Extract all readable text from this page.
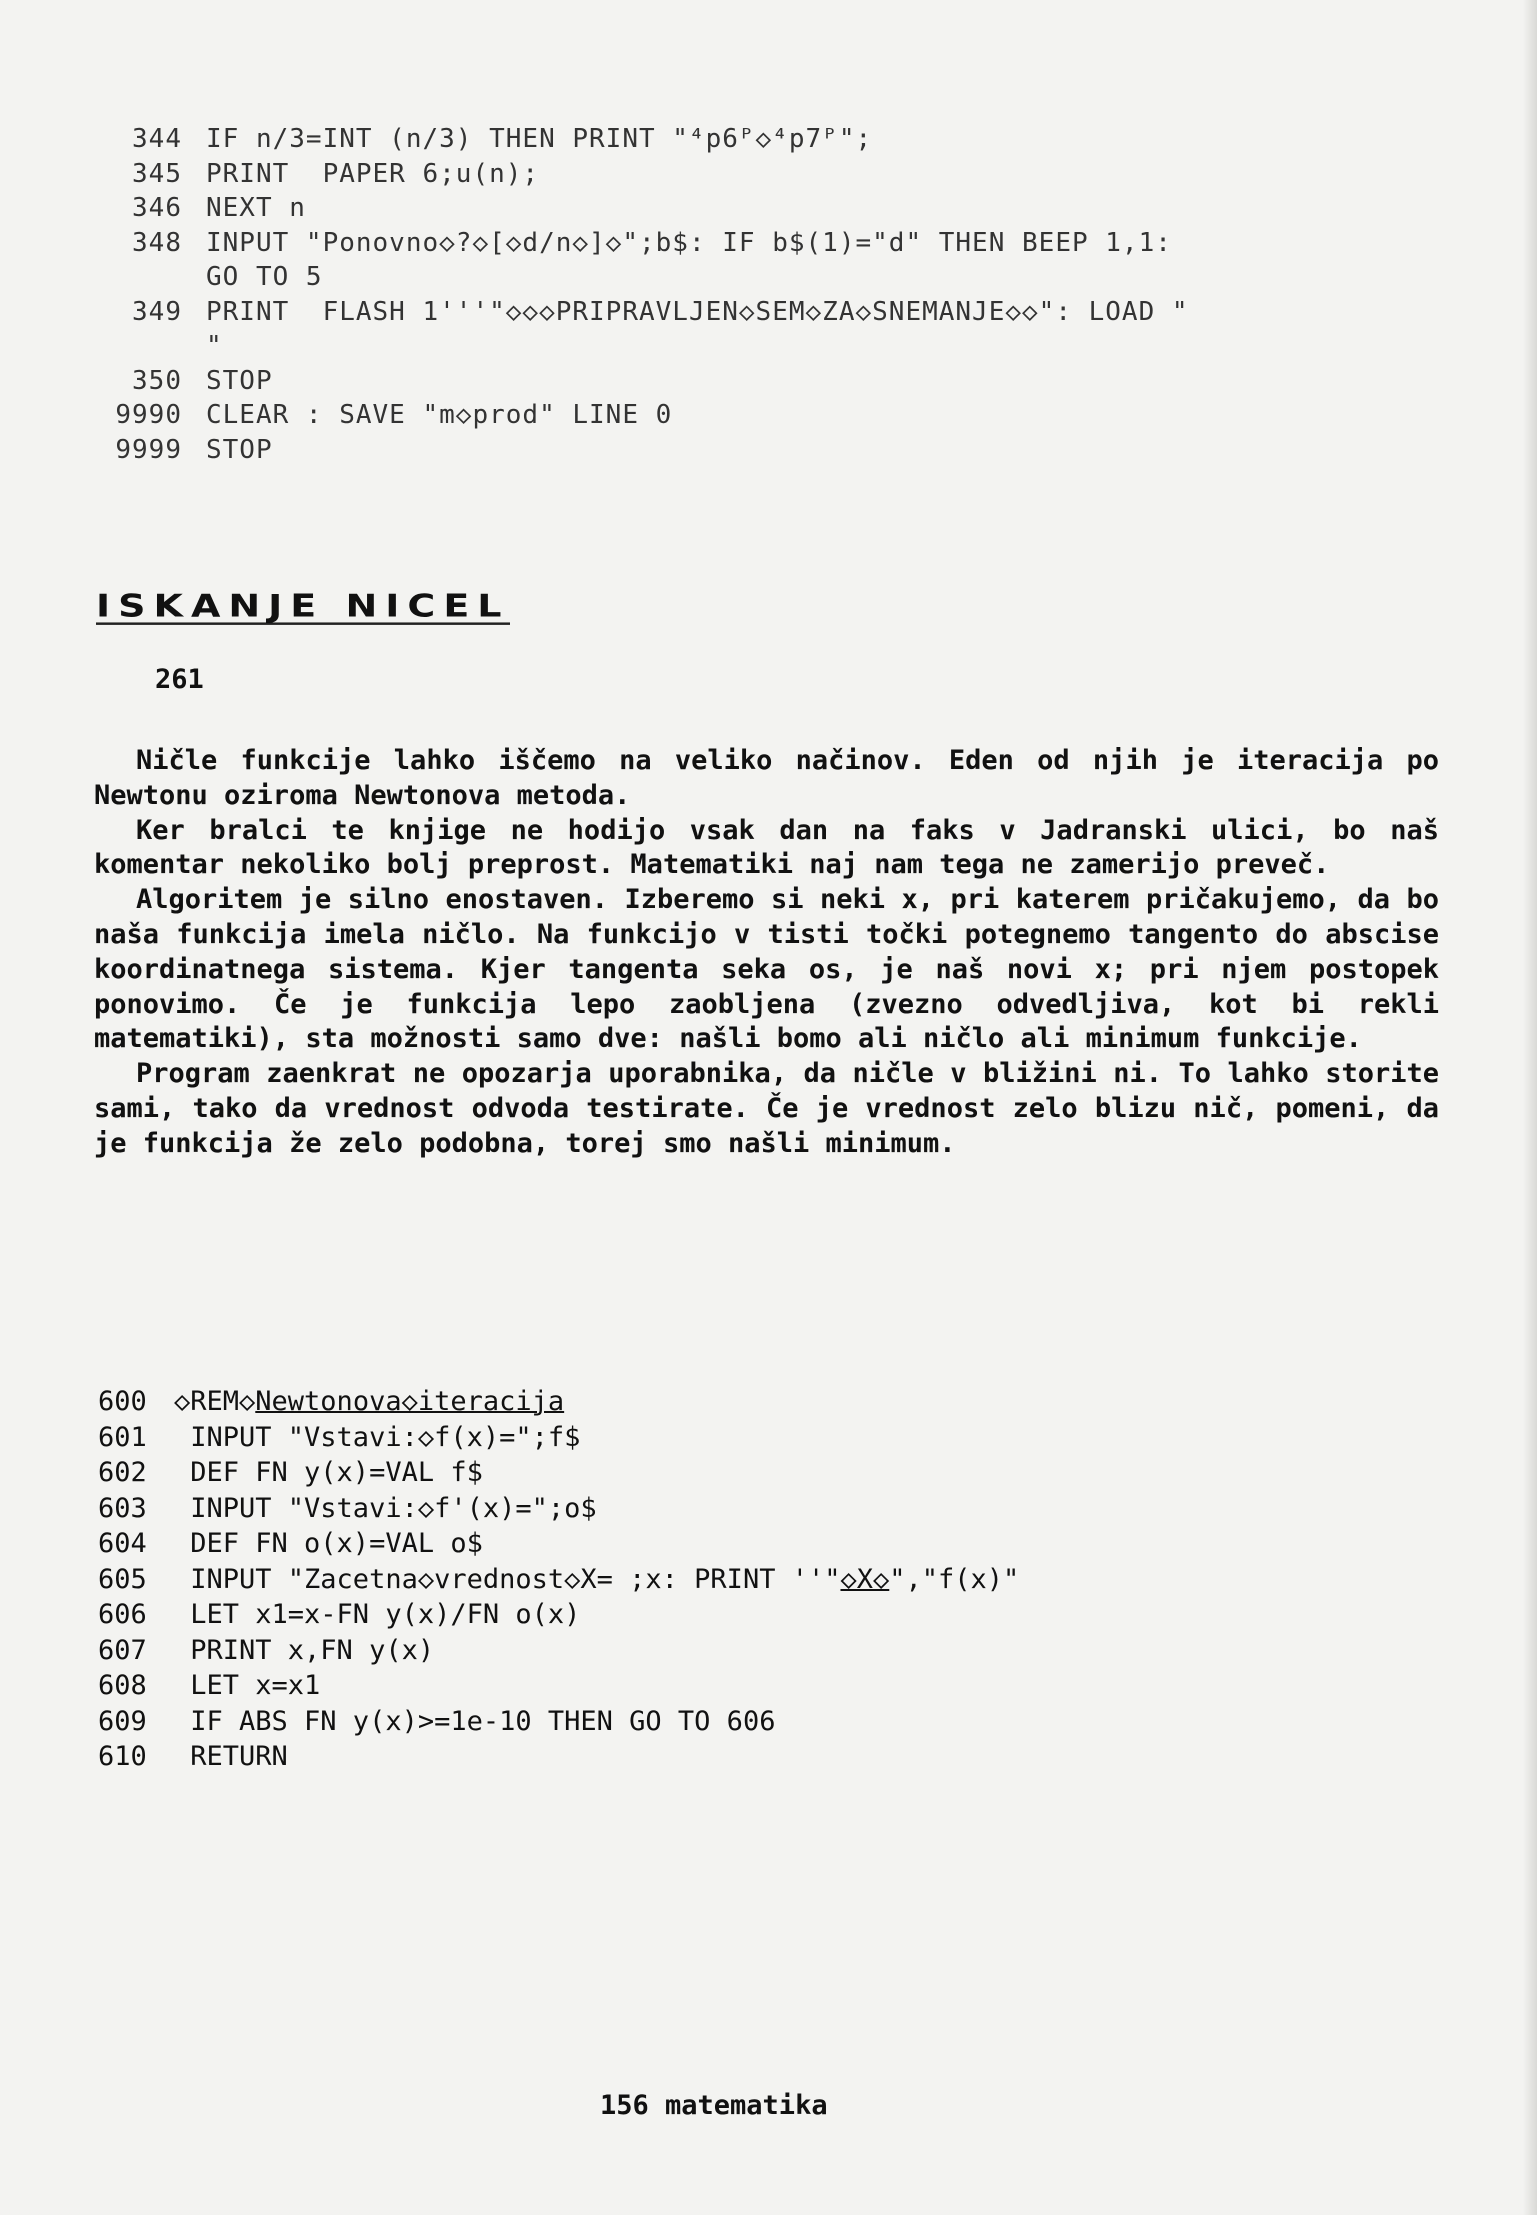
344 IF n/3=INT (n/3) THEN PRINT "⁴p6ᴾ◇⁴p7ᴾ";
345 PRINT  PAPER 6;u(n);
346 NEXT n
348 INPUT "Ponovno◇?◇[◇d/n◇]◇";b$: IF b$(1)="d" THEN BEEP 1,1:
GO TO 5
349 PRINT  FLASH 1'''"◇◇◇PRIPRAVLJEN◇SEM◇ZA◇SNEMANJE◇◇": LOAD "
"
350 STOP
9990 CLEAR : SAVE "m◇prod" LINE 0
9999 STOP
ISKANJE NICEL
261

Ničle funkcije lahko iščemo na veliko načinov. Eden od njih je iteracija po Newtonu oziroma Newtonova metoda.

Ker bralci te knjige ne hodijo vsak dan na faks v Jadranski ulici, bo naš komentar nekoliko bolj preprost. Matematiki naj nam tega ne zamerijo preveč.

Algoritem je silno enostaven. Izberemo si neki x, pri katerem pričakujemo, da bo naša funkcija imela ničlo. Na funkcijo v tisti točki potegnemo tangento do abscise koordinatnega sistema. Kjer tangenta seka os, je naš novi x; pri njem postopek ponovimo. Če je funkcija lepo zaobljena (zvezno odvedljiva, kot bi rekli matematiki), sta možnosti samo dve: našli bomo ali ničlo ali minimum funkcije.

Program zaenkrat ne opozarja uporabnika, da ničle v bližini ni. To lahko storite sami, tako da vrednost odvoda testirate. Če je vrednost zelo blizu nič, pomeni, da je funkcija že zelo podobna, torej smo našli minimum.

600	◇REM◇Newtonova◇iteracija
601	INPUT "Vstavi:◇f(x)=";f$
602	DEF FN y(x)=VAL f$
603	INPUT "Vstavi:◇f'(x)=";o$
604	DEF FN o(x)=VAL o$
605	INPUT "Zacetna◇vrednost◇X= ;x: PRINT ''"◇X◇","f(x)"
606	LET x1=x-FN y(x)/FN o(x)
607	PRINT x,FN y(x)
608	LET x=x1
609	IF ABS FN y(x)>=1e-10 THEN GO TO 606
610	RETURN
156 matematika
